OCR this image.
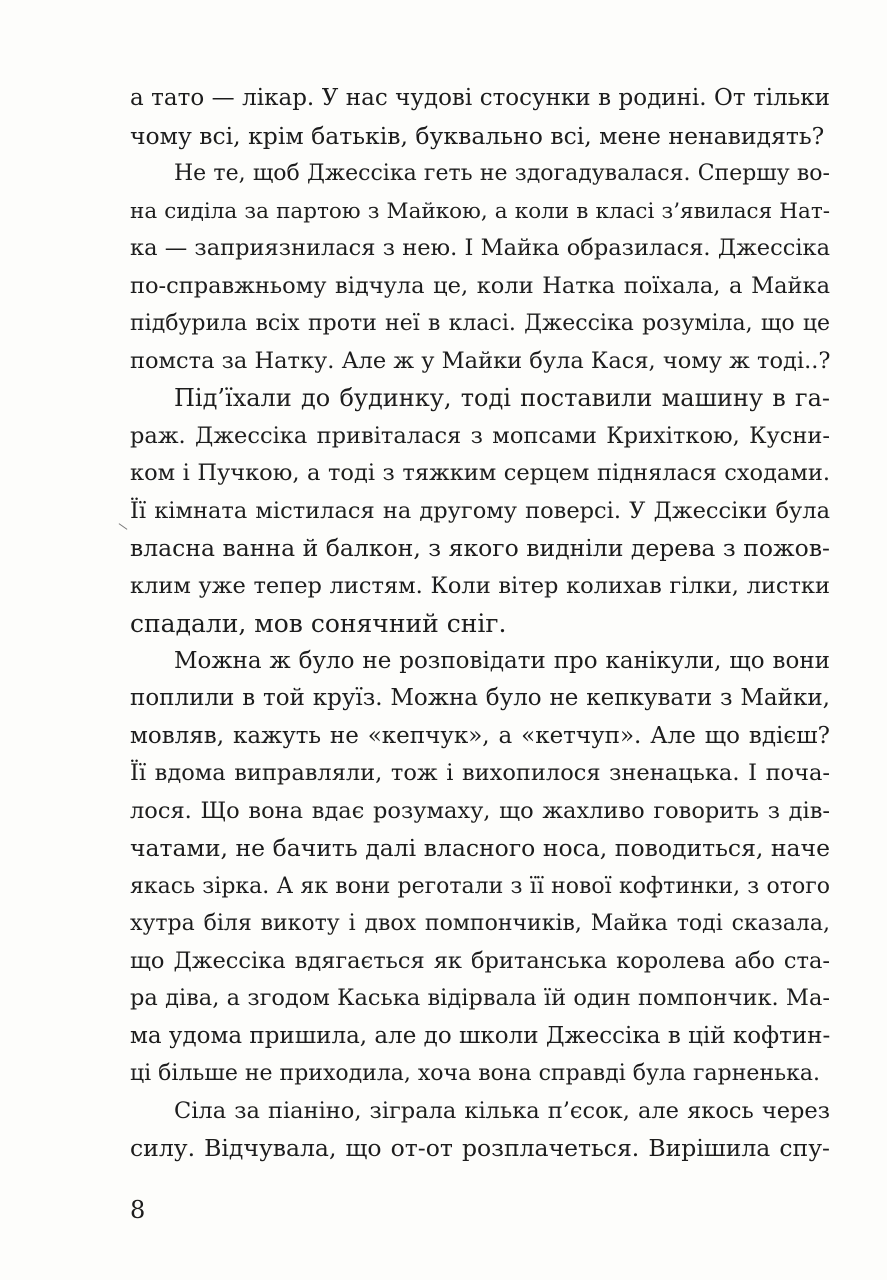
а тато — лікар. У нас чудові стосунки в родині. От тільки
чому всі, крім батьків, буквально всі, мене ненавидять?
Не те, щоб Джессіка геть не здогадувалася. Спершу во-
на сиділа за партою з Майкою, а коли в класі з’явилася Нат-
ка — заприязнилася з нею. І Майка образилася. Джессіка
по-справжньому відчула це, коли Натка поїхала, а Майка
підбурила всіх проти неї в класі. Джессіка розуміла, що це
помста за Натку. Але ж у Майки була Кася, чому ж тоді..?
Під’їхали до будинку, тоді поставили машину в га-
раж. Джессіка привіталася з мопсами Крихіткою, Кусни-
ком і Пучкою, а тоді з тяжким серцем піднялася сходами.
Її кімната містилася на другому поверсі. У Джессіки була
власна ванна й балкон, з якого видніли дерева з пожов-
клим уже тепер листям. Коли вітер колихав гілки, листки
спадали, мов сонячний сніг.
Можна ж було не розповідати про канікули, що вони
поплили в той круїз. Можна було не кепкувати з Майки,
мовляв, кажуть не «кепчук», а «кетчуп». Але що вдієш?
Її вдома виправляли, тож і вихопилося зненацька. І поча-
лося. Що вона вдає розумаху, що жахливо говорить з дів-
чатами, не бачить далі власного носа, поводиться, наче
якась зірка. А як вони реготали з її нової кофтинки, з отого
хутра біля викоту і двох помпончиків, Майка тоді сказала,
що Джессіка вдягається як британська королева або ста-
ра діва, а згодом Каська відірвала їй один помпончик. Ма-
ма удома пришила, але до школи Джессіка в цій кофтин-
ці більше не приходила, хоча вона справді була гарненька.
Сіла за піаніно, зіграла кілька п’єсок, але якось через
силу. Відчувала, що от-от розплачеться. Вирішила спу-
8
